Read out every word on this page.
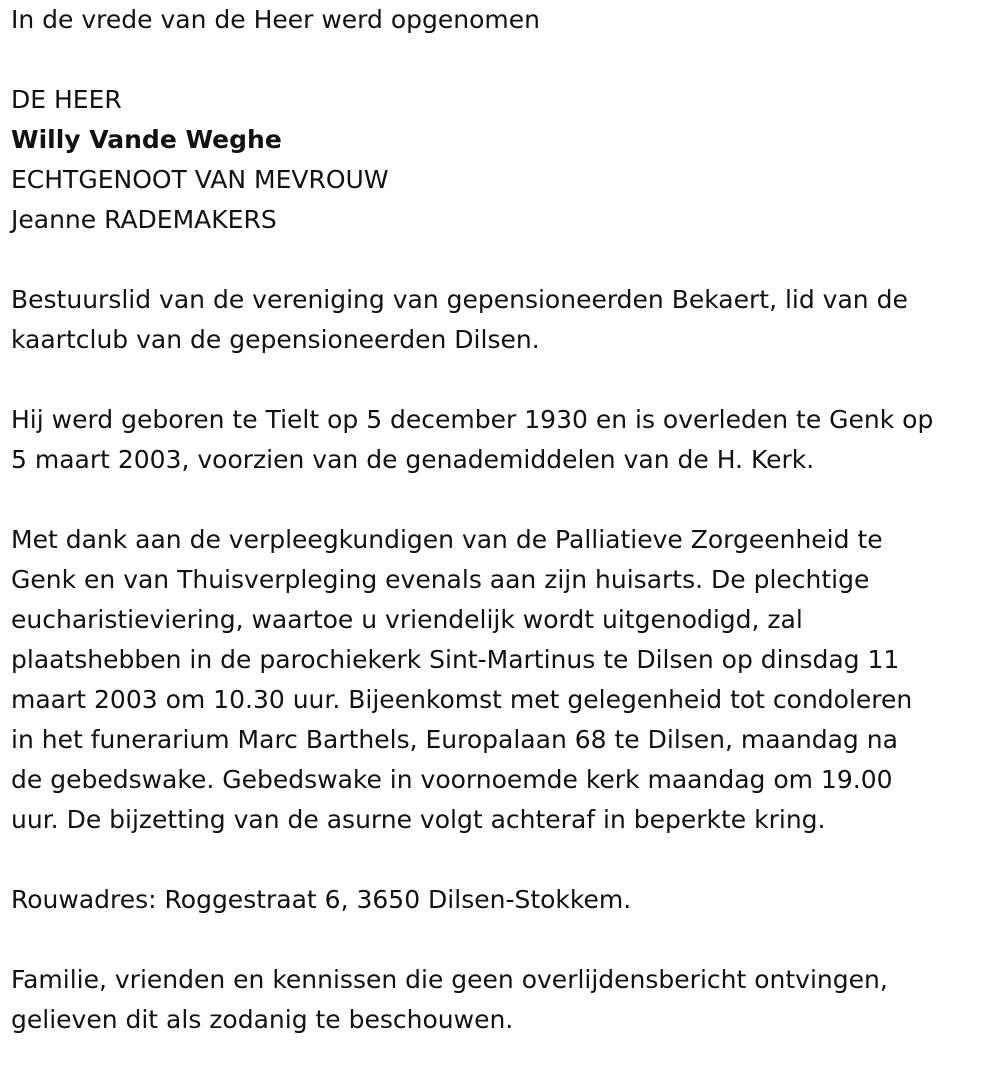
In de vrede van de Heer werd opgenomen

DE HEER

Willy Vande Weghe

ECHTGENOOT VAN MEVROUW

Jeanne RADEMAKERS

Bestuurslid van de vereniging van gepensioneerden Bekaert, lid van de

kaartclub van de gepensioneerden Dilsen.

Hij werd geboren te Tielt op 5 december 1930 en is overleden te Genk op

5 maart 2003, voorzien van de genademiddelen van de H. Kerk.

Met dank aan de verpleegkundigen van de Palliatieve Zorgeenheid te

Genk en van Thuisverpleging evenals aan zijn huisarts. De plechtige

eucharistieviering, waartoe u vriendelijk wordt uitgenodigd, zal

plaatshebben in de parochiekerk Sint-Martinus te Dilsen op dinsdag 11

maart 2003 om 10.30 uur. Bijeenkomst met gelegenheid tot condoleren

in het funerarium Marc Barthels, Europalaan 68 te Dilsen, maandag na

de gebedswake. Gebedswake in voornoemde kerk maandag om 19.00

uur. De bijzetting van de asurne volgt achteraf in beperkte kring.

Rouwadres: Roggestraat 6, 3650 Dilsen-Stokkem.

Familie, vrienden en kennissen die geen overlijdensbericht ontvingen,

gelieven dit als zodanig te beschouwen.
